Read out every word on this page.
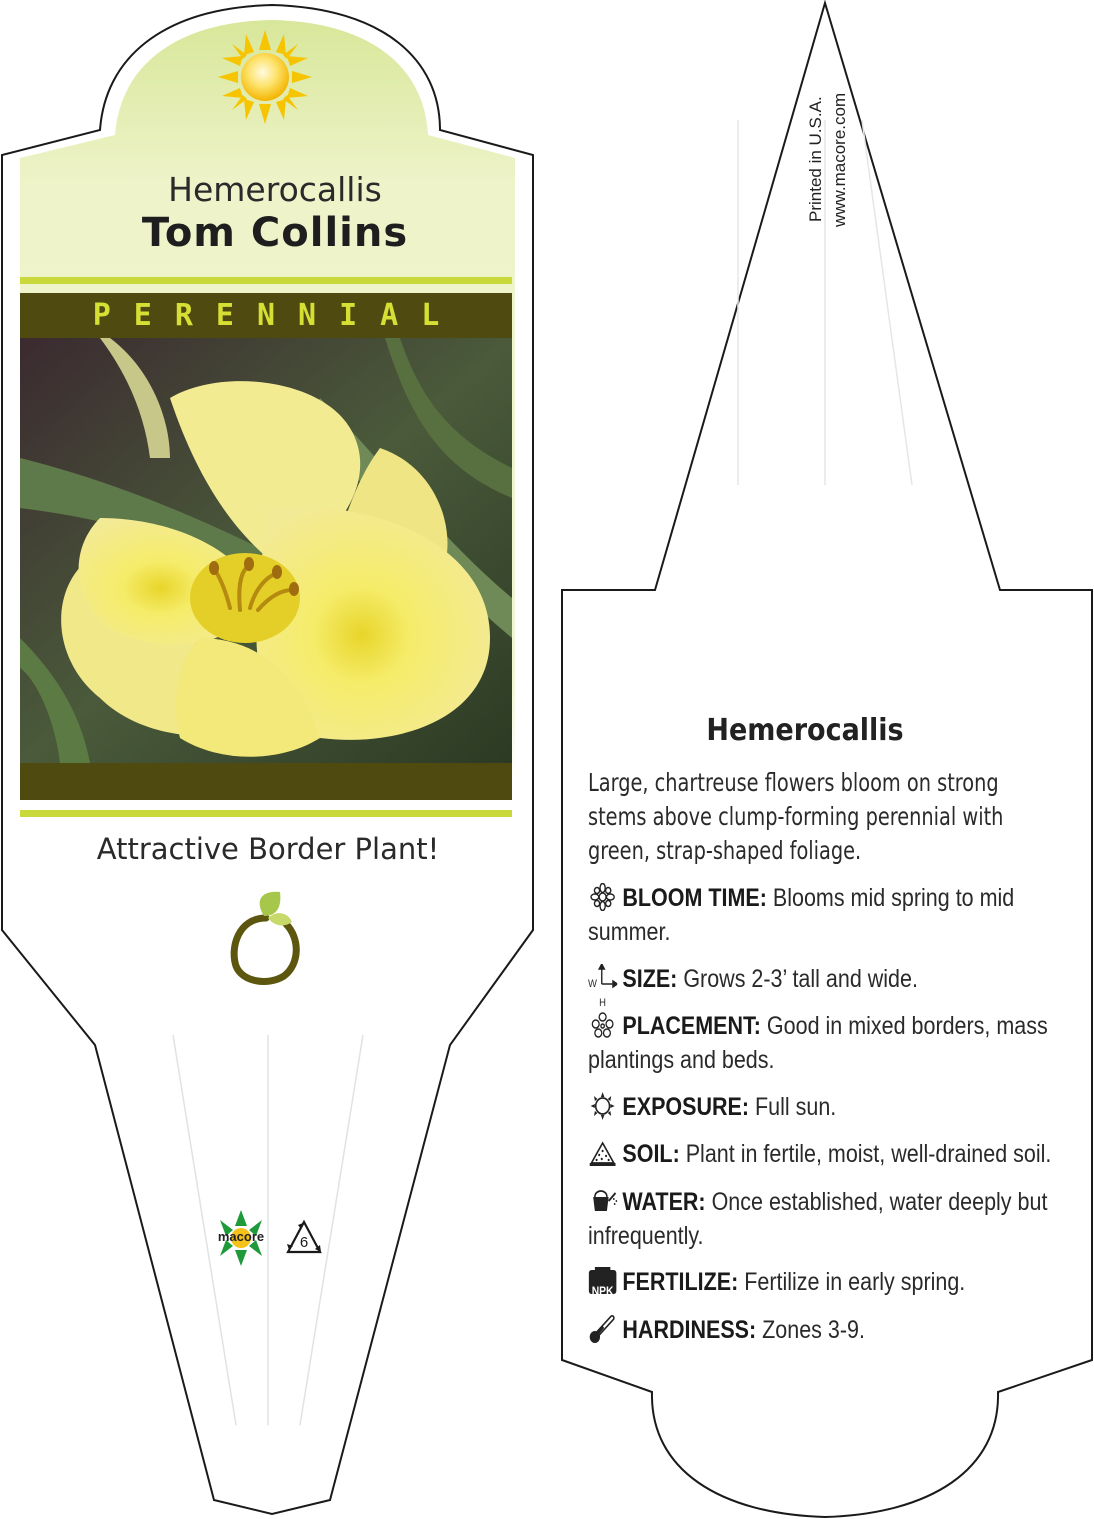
Hemerocallis
Tom Collins
PERENNIAL
Attractive Border Plant!
macore	6
Printed in U.S.A. www.macore.com
Hemerocallis
Large, chartreuse flowers bloom on strong stems above clump-forming perennial with green, strap-shaped foliage.
BLOOM TIME: Blooms mid spring to mid summer.
W
H
SIZE: Grows 2-3’ tall and wide.
PLACEMENT: Good in mixed borders, mass plantings and beds.
EXPOSURE: Full sun.
SOIL: Plant in fertile, moist, well-drained soil.
WATER: Once established, water deeply but infrequently.
NPK FERTILIZE: Fertilize in early spring.
HARDINESS: Zones 3-9.
